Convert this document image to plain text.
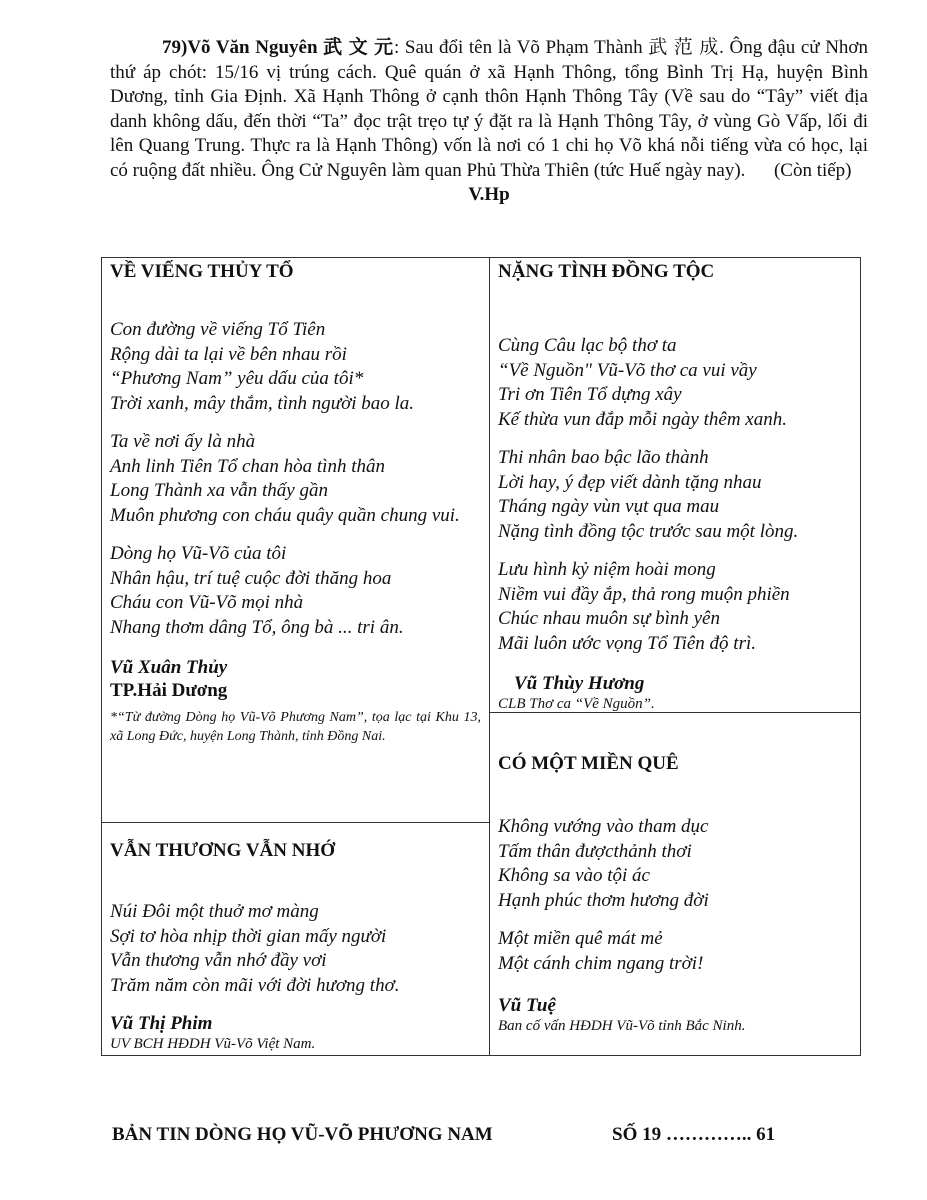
79)Võ Văn Nguyên 武 文 元: Sau đổi tên là Võ Phạm Thành 武 范 成. Ông đậu cử Nhơn thứ áp chót: 15/16 vị trúng cách. Quê quán ở xã Hạnh Thông, tổng Bình Trị Hạ, huyện Bình Dương, tỉnh Gia Định. Xã Hạnh Thông ở cạnh thôn Hạnh Thông Tây (Về sau do “Tây” viết địa danh không dấu, đến thời “Ta” đọc trật trẹo tự ý đặt ra là Hạnh Thông Tây, ở vùng Gò Vấp, lối đi lên Quang Trung. Thực ra là Hạnh Thông) vốn là nơi có 1 chi họ Võ khá nỗi tiếng vừa có học, lại có ruộng đất nhiều. Ông Cử Nguyên làm quan Phủ Thừa Thiên (tức Huế ngày nay). (Còn tiếp)

V.Hp

VỀ VIẾNG THỦY TỔ

Con đường về viếng Tổ Tiên
Rộng dài ta lại về bên nhau rồi
“Phương Nam” yêu dấu của tôi*
Trời xanh, mây thắm, tình người bao la.

Ta về nơi ấy là nhà
Anh linh Tiên Tổ chan hòa tình thân
Long Thành xa vẫn thấy gần
Muôn phương con cháu quây quần chung vui.

Dòng họ Vũ-Võ của tôi
Nhân hậu, trí tuệ cuộc đời thăng hoa
Cháu con Vũ-Võ mọi nhà
Nhang thơm dâng Tổ, ông bà ... tri ân.

Vũ Xuân Thủy

TP.Hải Dương

*“Từ đường Dòng họ Vũ-Võ Phương Nam”, tọa lạc tại Khu 13, xã Long Đức, huyện Long Thành, tỉnh Đồng Nai.

NẶNG TÌNH ĐỒNG TỘC

Cùng Câu lạc bộ thơ ta
“Về Nguồn" Vũ-Võ thơ ca vui vầy
Tri ơn Tiên Tổ dựng xây
Kế thừa vun đắp mỗi ngày thêm xanh.

Thi nhân bao bậc lão thành
Lời hay, ý đẹp viết dành tặng nhau
Tháng ngày vùn vụt qua mau
Nặng tình đồng tộc trước sau một lòng.

Lưu hình kỷ niệm hoài mong
Niềm vui đầy ắp, thả rong muộn phiền
Chúc nhau muôn sự bình yên
Mãi luôn ước vọng Tổ Tiên độ trì.

Vũ Thùy Hương

CLB Thơ ca “Về Nguồn”.

VẪN THƯƠNG VẪN NHỚ

Núi Đôi một thuở mơ màng
Sợi tơ hòa nhịp thời gian mấy người
Vẫn thương vẫn nhớ đầy vơi
Trăm năm còn mãi với đời hương thơ.

Vũ Thị Phim

UV BCH HĐDH Vũ-Võ Việt Nam.

CÓ MỘT MIỀN QUÊ

Không vướng vào tham dục
Tấm thân đượcthảnh thơi
Không sa vào tội ác
Hạnh phúc thơm hương đời

Một miền quê mát mẻ
Một cánh chim ngang trời!

Vũ Tuệ

Ban cố vấn HĐDH Vũ-Võ tỉnh Bắc Ninh.

BẢN TIN DÒNG HỌ VŨ-VÕ PHƯƠNG NAM	SỐ 19 ………….. 61
